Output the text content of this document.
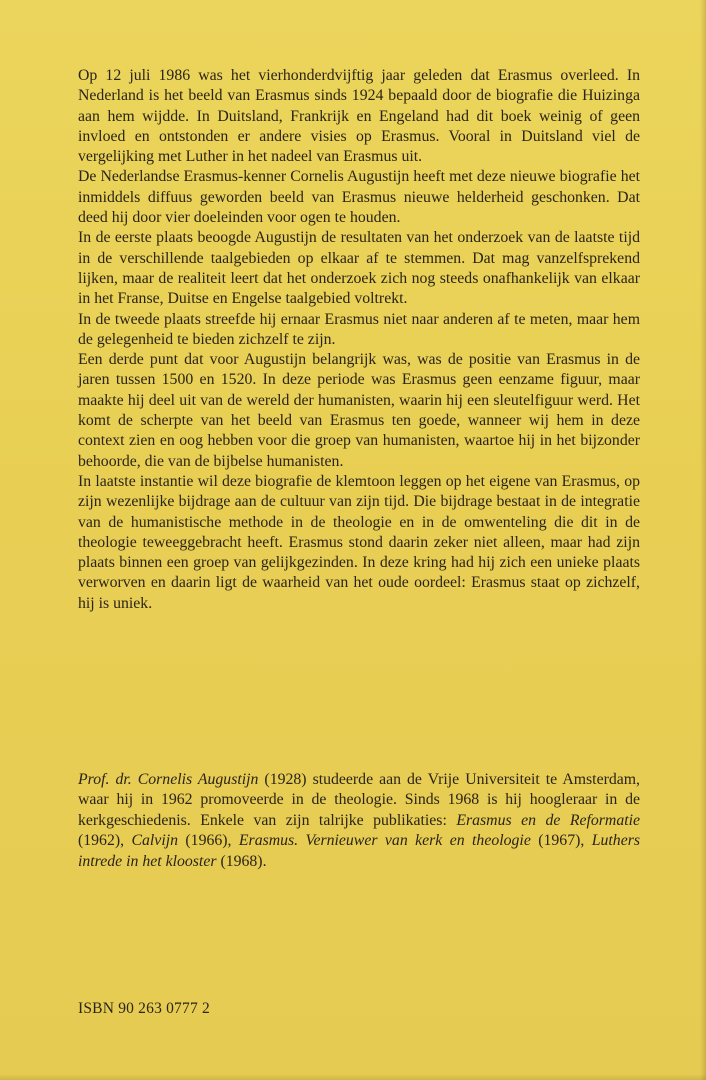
Op 12 juli 1986 was het vierhonderdvijftig jaar geleden dat Erasmus overleed. In Nederland is het beeld van Erasmus sinds 1924 bepaald door de biografie die Huizinga aan hem wijdde. In Duitsland, Frankrijk en Engeland had dit boek weinig of geen invloed en ontstonden er andere visies op Erasmus. Vooral in Duitsland viel de vergelijking met Luther in het nadeel van Erasmus uit.

De Nederlandse Erasmus-kenner Cornelis Augustijn heeft met deze nieuwe biografie het inmiddels diffuus geworden beeld van Erasmus nieuwe helderheid geschonken. Dat deed hij door vier doeleinden voor ogen te houden.

In de eerste plaats beoogde Augustijn de resultaten van het onderzoek van de laatste tijd in de verschillende taalgebieden op elkaar af te stemmen. Dat mag vanzelfsprekend lijken, maar de realiteit leert dat het onderzoek zich nog steeds onafhankelijk van elkaar in het Franse, Duitse en Engelse taalgebied voltrekt.

In de tweede plaats streefde hij ernaar Erasmus niet naar anderen af te meten, maar hem de gelegenheid te bieden zichzelf te zijn.

Een derde punt dat voor Augustijn belangrijk was, was de positie van Erasmus in de jaren tussen 1500 en 1520. In deze periode was Erasmus geen eenzame figuur, maar maakte hij deel uit van de wereld der humanisten, waarin hij een sleutelfiguur werd. Het komt de scherpte van het beeld van Erasmus ten goede, wanneer wij hem in deze context zien en oog hebben voor die groep van humanisten, waartoe hij in het bijzonder behoorde, die van de bijbelse humanisten.

In laatste instantie wil deze biografie de klemtoon leggen op het eigene van Erasmus, op zijn wezenlijke bijdrage aan de cultuur van zijn tijd. Die bijdrage bestaat in de integratie van de humanistische methode in de theologie en in de omwenteling die dit in de theologie teweeggebracht heeft. Erasmus stond daarin zeker niet alleen, maar had zijn plaats binnen een groep van gelijkgezinden. In deze kring had hij zich een unieke plaats verworven en daarin ligt de waarheid van het oude oordeel: Erasmus staat op zichzelf, hij is uniek.

Prof. dr. Cornelis Augustijn (1928) studeerde aan de Vrije Universiteit te Amsterdam, waar hij in 1962 promoveerde in de theologie. Sinds 1968 is hij hoogleraar in de kerkgeschiedenis. Enkele van zijn talrijke publikaties: Erasmus en de Reformatie (1962), Calvijn (1966), Erasmus. Vernieuwer van kerk en theologie (1967), Luthers intrede in het klooster (1968).

ISBN 90 263 0777 2
